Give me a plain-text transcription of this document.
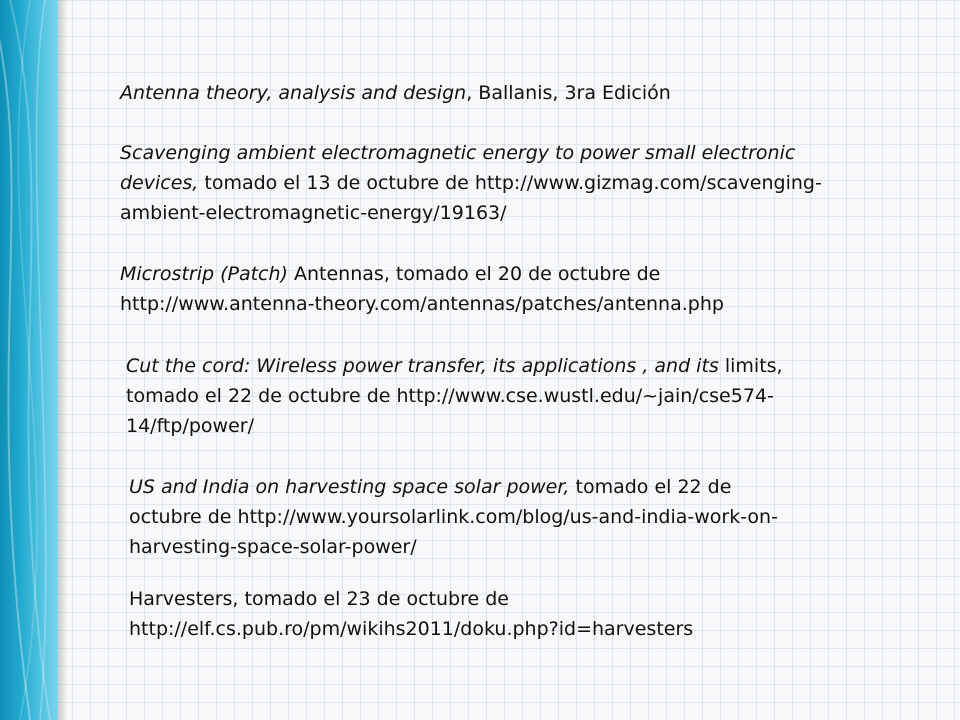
Antenna theory, analysis and design, Ballanis, 3ra Edición

Scavenging ambient electromagnetic energy to power small electronic devices, tomado el 13 de octubre de http://www.gizmag.com/scavenging-ambient-electromagnetic-energy/19163/

Microstrip (Patch) Antennas, tomado el 20 de octubre de http://www.antenna-theory.com/antennas/patches/antenna.php

Cut the cord: Wireless power transfer, its applications , and its limits, tomado el 22 de octubre de http://www.cse.wustl.edu/~jain/cse574-14/ftp/power/

US and India on harvesting space solar power, tomado el 22 de octubre de http://www.yoursolarlink.com/blog/us-and-india-work-on-harvesting-space-solar-power/

Harvesters, tomado el 23 de octubre de http://elf.cs.pub.ro/pm/wikihs2011/doku.php?id=harvesters
